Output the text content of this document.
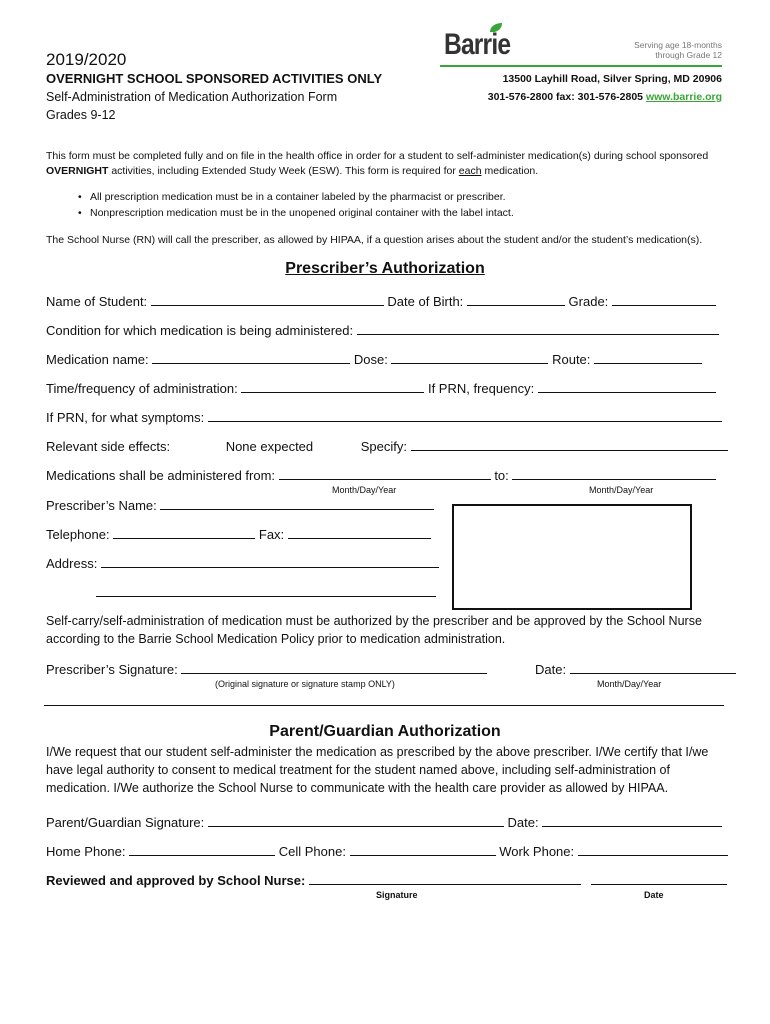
2019/2020
OVERNIGHT SCHOOL SPONSORED ACTIVITIES ONLY
Self-Administration of Medication Authorization Form
Grades 9-12
Barrie	Serving age 18-months
through Grade 12
13500 Layhill Road, Silver Spring, MD 20906
301-576-2800 fax: 301-576-2805 www.barrie.org
This form must be completed fully and on file in the health office in order for a student to self-administer medication(s) during school sponsored
OVERNIGHT activities, including Extended Study Week (ESW). This form is required for each medication.
• All prescription medication must be in a container labeled by the pharmacist or prescriber.
• Nonprescription medication must be in the unopened original container with the label intact.
The School Nurse (RN) will call the prescriber, as allowed by HIPAA, if a question arises about the student and/or the student’s medication(s).
Prescriber’s Authorization
Name of Student:	Date of Birth:	Grade:
Condition for which medication is being administered:
Medication name:	Dose:	Route:
Time/frequency of administration:	If PRN, frequency:
If PRN, for what symptoms:
Relevant side effects:	None expected	Specify:
Medications shall be administered from:	to:
Month/Day/Year	Month/Day/Year
Prescriber’s Name:
Telephone:	Fax:
Address:
Self-carry/self-administration of medication must be authorized by the prescriber and be approved by the School Nurse according to the Barrie School Medication Policy prior to medication administration.
Prescriber’s Signature:	Date:
(Original signature or signature stamp ONLY)	Month/Day/Year
Parent/Guardian Authorization
I/We request that our student self-administer the medication as prescribed by the above prescriber. I/We certify that I/we have legal authority to consent to medical treatment for the student named above, including self-administration of medication. I/We authorize the School Nurse to communicate with the health care provider as allowed by HIPAA.
Parent/Guardian Signature:	Date:
Home Phone:	Cell Phone:	Work Phone:
Reviewed and approved by School Nurse:
Signature	Date
